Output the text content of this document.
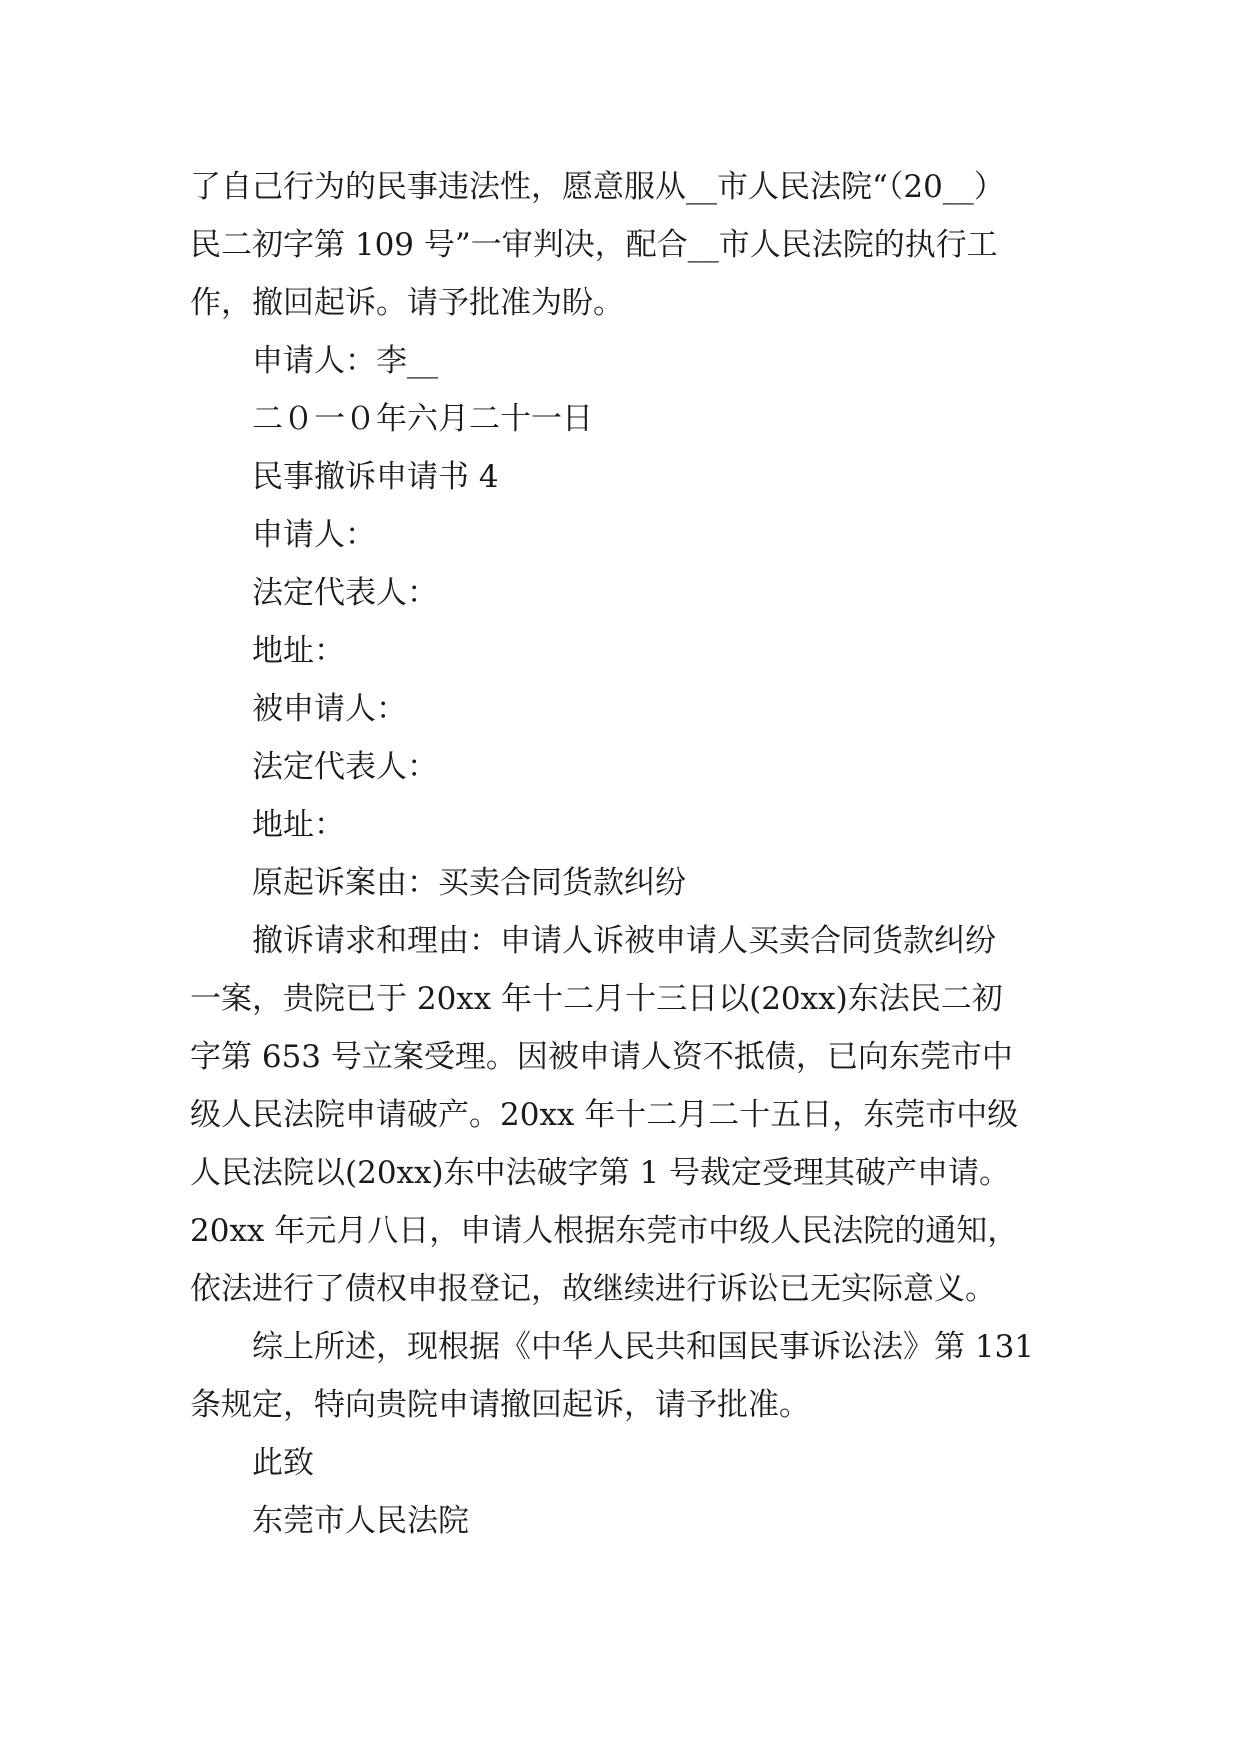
了自己行为的民事违法性，愿意服从__市人民法院“（20__）
民二初字第 109 号”一审判决，配合__市人民法院的执行工
作，撤回起诉。请予批准为盼。
申请人：李__
二０一０年六月二十一日
民事撤诉申请书 4
申请人：
法定代表人：
地址：
被申请人：
法定代表人：
地址：
原起诉案由：买卖合同货款纠纷
撤诉请求和理由：申请人诉被申请人买卖合同货款纠纷
一案，贵院已于 20xx 年十二月十三日以(20xx)东法民二初
字第 653 号立案受理。因被申请人资不抵债，已向东莞市中
级人民法院申请破产。20xx 年十二月二十五日，东莞市中级
人民法院以(20xx)东中法破字第 1 号裁定受理其破产申请。
20xx 年元月八日，申请人根据东莞市中级人民法院的通知，
依法进行了债权申报登记，故继续进行诉讼已无实际意义。
综上所述，现根据《中华人民共和国民事诉讼法》第 131
条规定，特向贵院申请撤回起诉，请予批准。
此致
东莞市人民法院
